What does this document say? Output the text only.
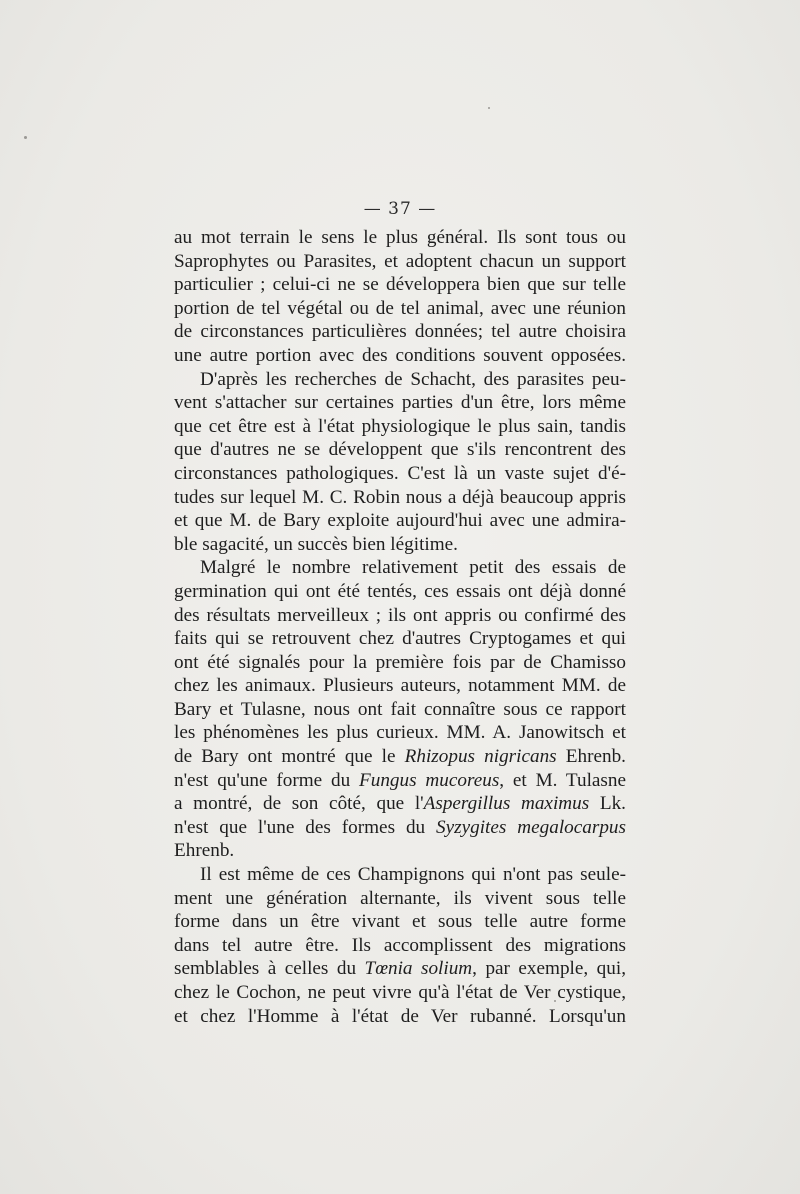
— 37 —
au mot terrain le sens le plus général. Ils sont tous ou
Saprophytes ou Parasites, et adoptent chacun un support
particulier ; celui-ci ne se développera bien que sur telle
portion de tel végétal ou de tel animal, avec une réunion
de circonstances particulières données; tel autre choisira
une autre portion avec des conditions souvent opposées.
D'après les recherches de Schacht, des parasites peu-
vent s'attacher sur certaines parties d'un être, lors même
que cet être est à l'état physiologique le plus sain, tandis
que d'autres ne se développent que s'ils rencontrent des
circonstances pathologiques. C'est là un vaste sujet d'é-
tudes sur lequel M. C. Robin nous a déjà beaucoup appris
et que M. de Bary exploite aujourd'hui avec une admira-
ble sagacité, un succès bien légitime.
Malgré le nombre relativement petit des essais de
germination qui ont été tentés, ces essais ont déjà donné
des résultats merveilleux ; ils ont appris ou confirmé des
faits qui se retrouvent chez d'autres Cryptogames et qui
ont été signalés pour la première fois par de Chamisso
chez les animaux. Plusieurs auteurs, notamment MM. de
Bary et Tulasne, nous ont fait connaître sous ce rapport
les phénomènes les plus curieux. MM. A. Janowitsch et
de Bary ont montré que le Rhizopus nigricans Ehrenb.
n'est qu'une forme du Fungus mucoreus, et M. Tulasne
a montré, de son côté, que l'Aspergillus maximus Lk.
n'est que l'une des formes du Syzygites megalocarpus
Ehrenb.
Il est même de ces Champignons qui n'ont pas seule-
ment une génération alternante, ils vivent sous telle
forme dans un être vivant et sous telle autre forme
dans tel autre être. Ils accomplissent des migrations
semblables à celles du Tœnia solium, par exemple, qui,
chez le Cochon, ne peut vivre qu'à l'état de Ver cystique,
et chez l'Homme à l'état de Ver rubanné. Lorsqu'un
